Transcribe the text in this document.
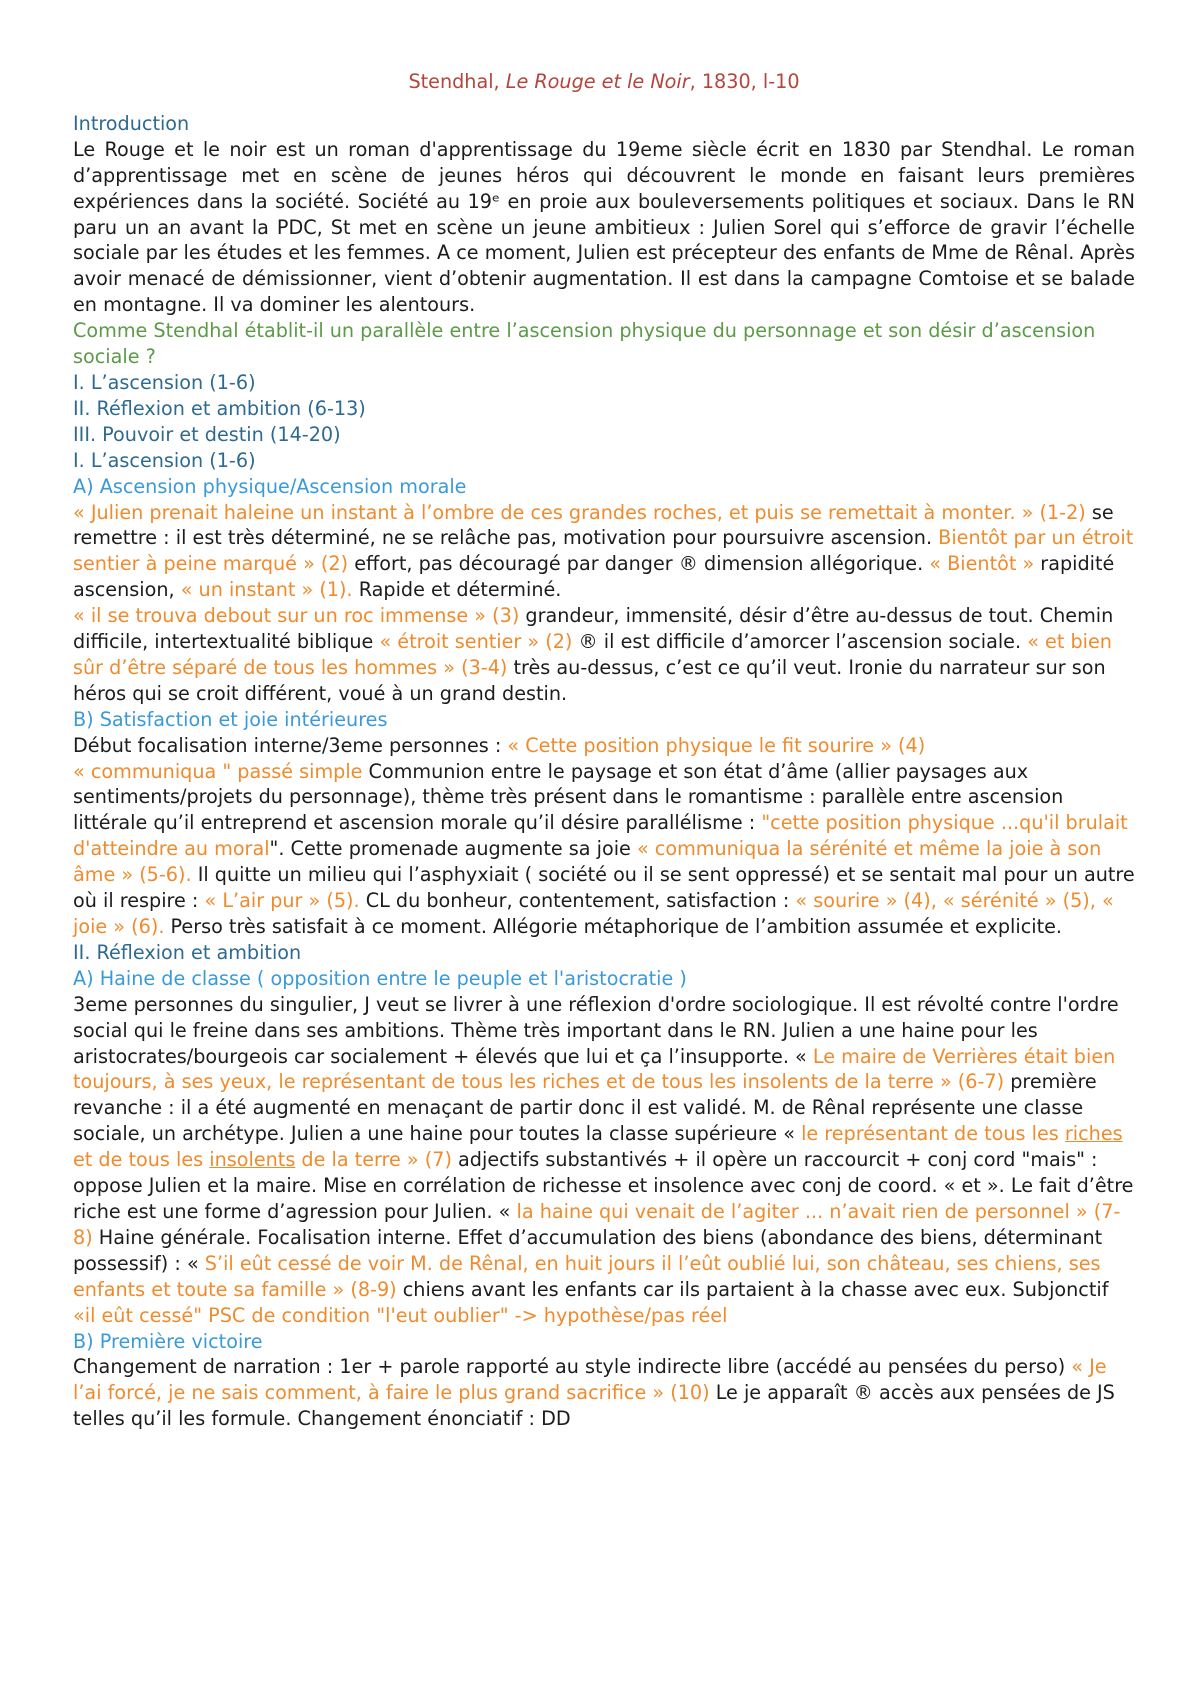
Stendhal, Le Rouge et le Noir, 1830, l-10

Introduction

Le Rouge et le noir est un roman d'apprentissage du 19eme siècle écrit en 1830 par Stendhal. Le roman d’apprentissage met en scène de jeunes héros qui découvrent le monde en faisant leurs premières expériences dans la société. Société au 19ᵉ en proie aux bouleversements politiques et sociaux. Dans le RN paru un an avant la PDC, St met en scène un jeune ambitieux : Julien Sorel qui s’efforce de gravir l’échelle sociale par les études et les femmes. A ce moment, Julien est précepteur des enfants de Mme de Rênal. Après avoir menacé de démissionner, vient d’obtenir augmentation. Il est dans la campagne Comtoise et se balade en montagne. Il va dominer les alentours.

Comme Stendhal établit-il un parallèle entre l’ascension physique du personnage et son désir d’ascension sociale ?

I. L’ascension (1-6)

II. Réflexion et ambition (6-13)

III. Pouvoir et destin (14-20)

I. L’ascension (1-6)

A) Ascension physique/Ascension morale

« Julien prenait haleine un instant à l’ombre de ces grandes roches, et puis se remettait à monter. » (1-2) se remettre : il est très déterminé, ne se relâche pas, motivation pour poursuivre ascension. Bientôt par un étroit sentier à peine marqué » (2) effort, pas découragé par danger ® dimension allégorique. « Bientôt » rapidité ascension, « un instant » (1). Rapide et déterminé.

« il se trouva debout sur un roc immense » (3) grandeur, immensité, désir d’être au-dessus de tout. Chemin difficile, intertextualité biblique « étroit sentier » (2) ® il est difficile d’amorcer l’ascension sociale. « et bien sûr d’être séparé de tous les hommes » (3-4) très au-dessus, c’est ce qu’il veut. Ironie du narrateur sur son héros qui se croit différent, voué à un grand destin.

B) Satisfaction et joie intérieures

Début focalisation interne/3eme personnes : « Cette position physique le fit sourire » (4)
« communiqua " passé simple Communion entre le paysage et son état d’âme (allier paysages aux sentiments/projets du personnage), thème très présent dans le romantisme : parallèle entre ascension littérale qu’il entreprend et ascension morale qu’il désire parallélisme : "cette position physique ...qu'il brulait d'atteindre au moral". Cette promenade augmente sa joie « communiqua la sérénité et même la joie à son âme » (5-6). Il quitte un milieu qui l’asphyxiait ( société ou il se sent oppressé) et se sentait mal pour un autre où il respire : « L’air pur » (5). CL du bonheur, contentement, satisfaction : « sourire » (4), « sérénité » (5), « joie » (6). Perso très satisfait à ce moment. Allégorie métaphorique de l’ambition assumée et explicite.

II. Réflexion et ambition

A) Haine de classe ( opposition entre le peuple et l'aristocratie )

3eme personnes du singulier, J veut se livrer à une réflexion d'ordre sociologique. Il est révolté contre l'ordre social qui le freine dans ses ambitions. Thème très important dans le RN. Julien a une haine pour les aristocrates/bourgeois car socialement + élevés que lui et ça l’insupporte. « Le maire de Verrières était bien toujours, à ses yeux, le représentant de tous les riches et de tous les insolents de la terre » (6-7) première revanche : il a été augmenté en menaçant de partir donc il est validé. M. de Rênal représente une classe sociale, un archétype. Julien a une haine pour toutes la classe supérieure « le représentant de tous les riches et de tous les insolents de la terre » (7) adjectifs substantivés + il opère un raccourcit + conj cord "mais" : oppose Julien et la maire. Mise en corrélation de richesse et insolence avec conj de coord. « et ». Le fait d’être riche est une forme d’agression pour Julien. « la haine qui venait de l’agiter ... n’avait rien de personnel » (7-8) Haine générale. Focalisation interne. Effet d’accumulation des biens (abondance des biens, déterminant possessif) : « S’il eût cessé de voir M. de Rênal, en huit jours il l’eût oublié lui, son château, ses chiens, ses enfants et toute sa famille » (8-9) chiens avant les enfants car ils partaient à la chasse avec eux. Subjonctif «il eût cessé" PSC de condition "l'eut oublier" -> hypothèse/pas réel

B) Première victoire

Changement de narration : 1er + parole rapporté au style indirecte libre (accédé au pensées du perso) « Je l’ai forcé, je ne sais comment, à faire le plus grand sacrifice » (10) Le je apparaît ® accès aux pensées de JS telles qu’il les formule. Changement énonciatif : DD
